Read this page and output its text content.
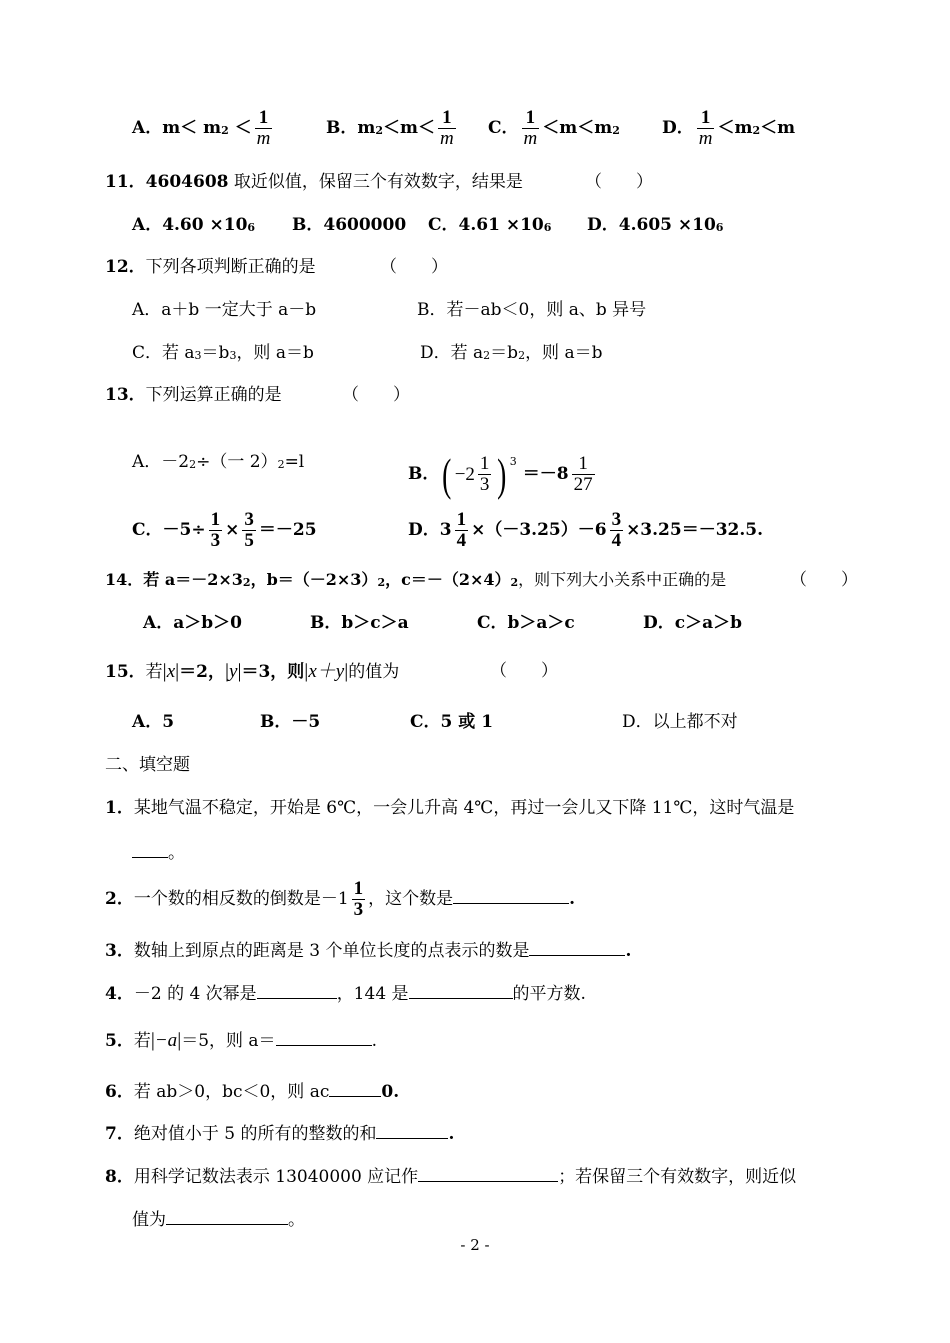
A．$m< m2 < \frac{1}{m}$	B．$m2<m< \frac{1}{m}$ C． $\frac{1}{m} <m<m2$ D． $\frac{1}{m} <m2<m$
11．4604608 取近似值，保留三个有效数字，结果是	（　　）
A．4.60 ×106 B．4600000 C．4.61 ×106 D．4.605 ×106
12．下列各项判断正确的是	（　　）
A．a＋b 一定大于 a－b	B．若－ab＜0，则 a、b 异号
C．若 a3＝b3，则 a＝b	D．若 a2＝b2，则 a＝b
13．下列运算正确的是	（　　）
A．－22÷（一 2）2=l
B．( $-2 \frac{1}{3}$ ) $^3=-8 \frac{1}{27}$
C．$-5\div \frac{1}{3} \times \frac{3}{5} =-25$	D．$3 \frac{1}{4} \times(-3.25)-6 \frac{3}{4} \times 3.25=-32.5$.
14．若 a＝－2×32，b＝（－2×3）2，c＝－（2×4）2，则下列大小关系中正确的是	（　　）
A．a＞b＞0	B．b＞c＞a	C．b＞a＞c	D．c＞a＞b
15．若|x|＝2，|y|＝3，则|x＋y|的值为	（　　）
A．5	B．－5	C．5 或 1	D．以上都不对
二、填空题
1．某地气温不稳定，开始是 6℃，一会儿升高 4℃，再过一会儿又下降 11℃，这时气温是
。
2．一个数的相反数的倒数是$-1 \frac{1}{3}$ ，这个数是	.
3．数轴上到原点的距离是 3 个单位长度的点表示的数是	.
4．－2 的 4 次幂是	，144 是	的平方数.
5．若|−a|＝5，则 a＝	.
6．若 ab＞0，bc＜0，则 ac	0.
7．绝对值小于 5 的所有的整数的和	.
8．用科学记数法表示 13040000 应记作	；若保留三个有效数字，则近似
值为	。
- 2 -
